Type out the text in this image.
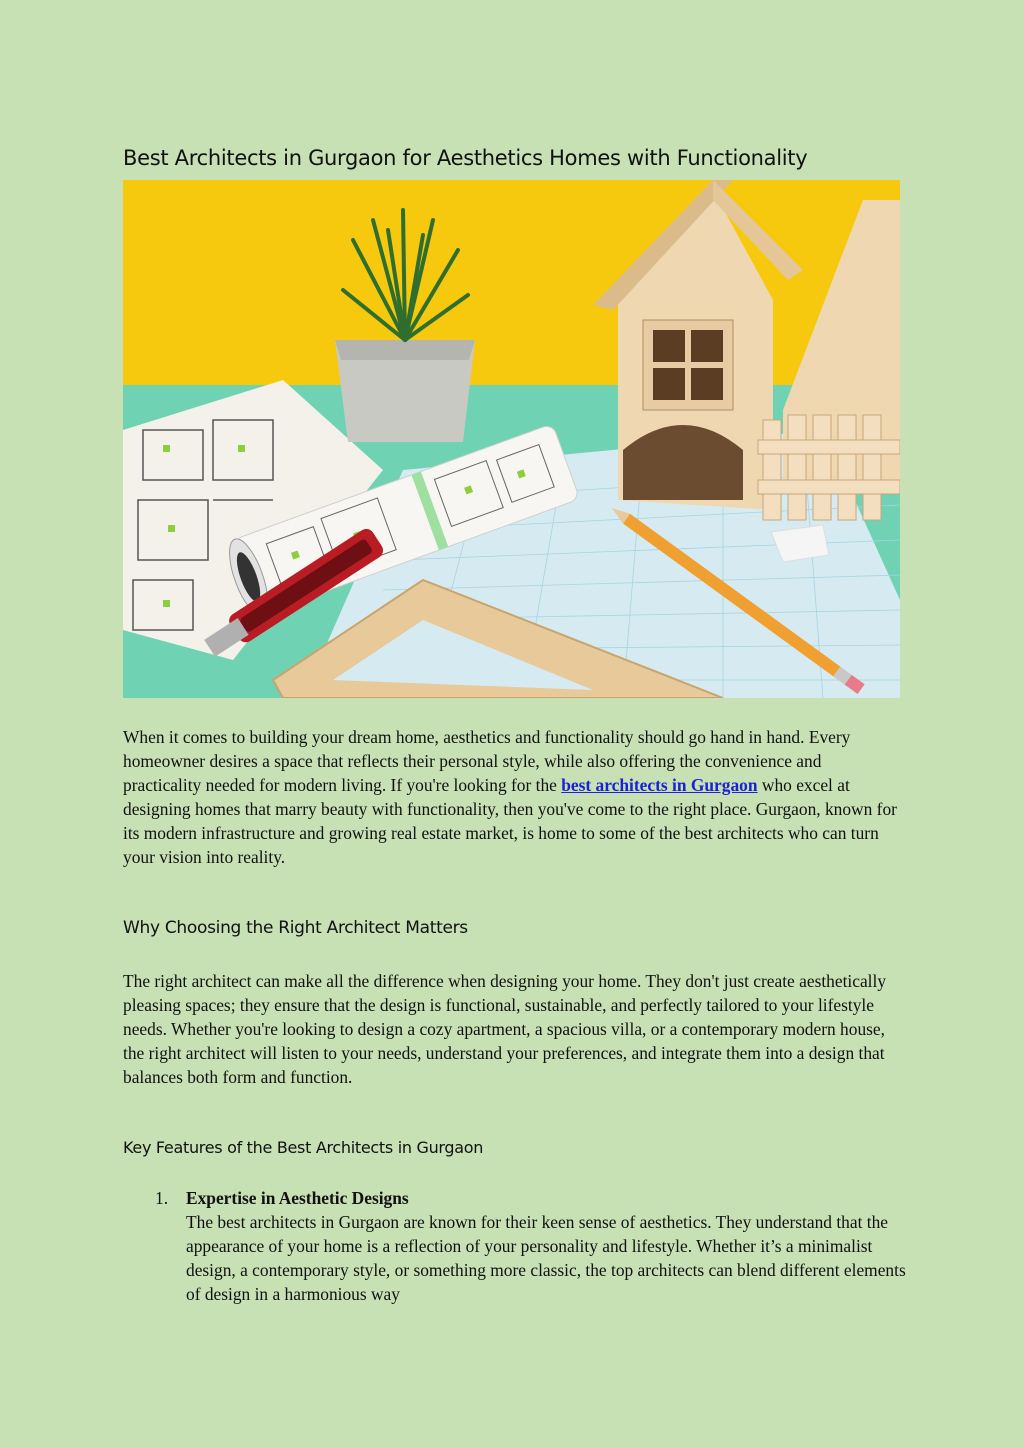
Best Architects in Gurgaon for Aesthetics Homes with Functionality

When it comes to building your dream home, aesthetics and functionality should go hand in hand. Every homeowner desires a space that reflects their personal style, while also offering the convenience and practicality needed for modern living. If you're looking for the best architects in Gurgaon who excel at designing homes that marry beauty with functionality, then you've come to the right place. Gurgaon, known for its modern infrastructure and growing real estate market, is home to some of the best architects who can turn your vision into reality.

Why Choosing the Right Architect Matters

The right architect can make all the difference when designing your home. They don't just create aesthetically pleasing spaces; they ensure that the design is functional, sustainable, and perfectly tailored to your lifestyle needs. Whether you're looking to design a cozy apartment, a spacious villa, or a contemporary modern house, the right architect will listen to your needs, understand your preferences, and integrate them into a design that balances both form and function.

Key Features of the Best Architects in Gurgaon
1. Expertise in Aesthetic Designs
The best architects in Gurgaon are known for their keen sense of aesthetics. They understand that the appearance of your home is a reflection of your personality and lifestyle. Whether it’s a minimalist design, a contemporary style, or something more classic, the top architects can blend different elements of design in a harmonious way
